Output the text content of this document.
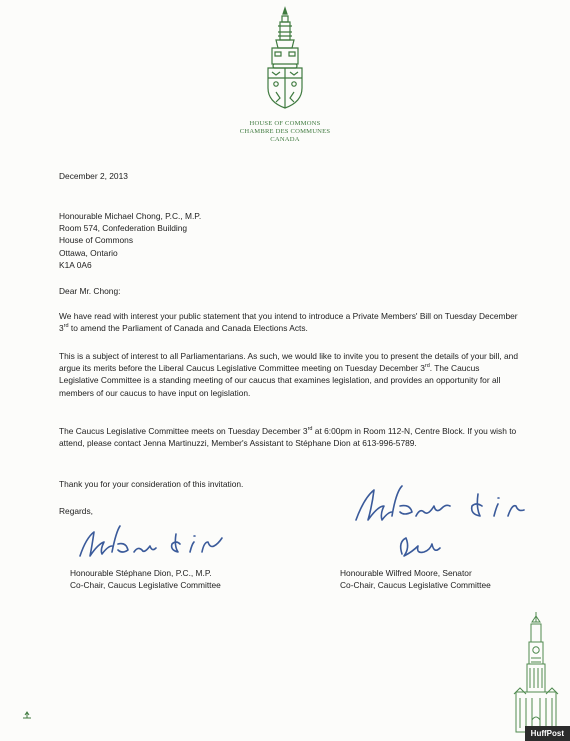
HOUSE OF COMMONS
CHAMBRE DES COMMUNES
CANADA

December 2, 2013

Honourable Michael Chong, P.C., M.P.
Room 574, Confederation Building
House of Commons
Ottawa, Ontario
K1A 0A6

Dear Mr. Chong:

We have read with interest your public statement that you intend to introduce a Private Members' Bill on Tuesday December 3rd to amend the Parliament of Canada and Canada Elections Acts.

This is a subject of interest to all Parliamentarians. As such, we would like to invite you to present the details of your bill, and argue its merits before the Liberal Caucus Legislative Committee meeting on Tuesday December 3rd. The Caucus Legislative Committee is a standing meeting of our caucus that examines legislation, and provides an opportunity for all members of our caucus to have input on legislation.

The Caucus Legislative Committee meets on Tuesday December 3rd at 6:00pm in Room 112-N, Centre Block. If you wish to attend, please contact Jenna Martinuzzi, Member's Assistant to Stéphane Dion at 613-996-5789.

Thank you for your consideration of this invitation.

Regards,

Honourable Stéphane Dion, P.C., M.P.
Co-Chair, Caucus Legislative Committee
Honourable Wilfred Moore, Senator
Co-Chair, Caucus Legislative Committee
HuffPost
